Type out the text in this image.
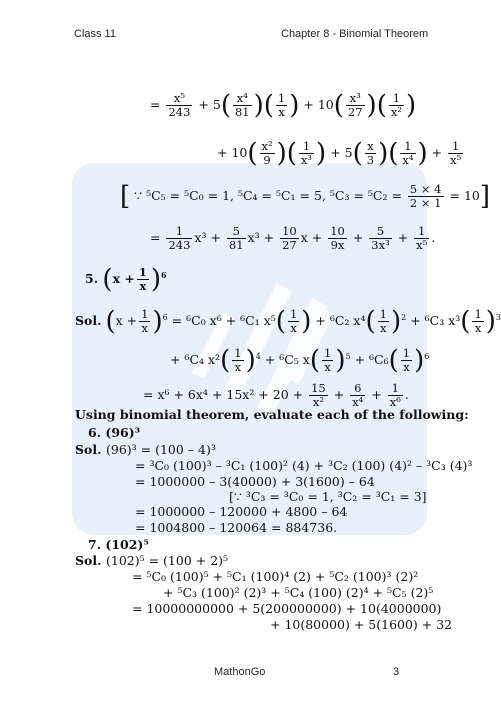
Class 11	Chapter 8 - Binomial Theorem
= $\frac{\text{x⁵}}{243} + 5( \frac{\text{x⁴}}{81}$ )( $\frac{1}{x}$ ) + $10( \frac{\text{x³}}{27}$ )( $\frac{1}{\text{x²}}$ )
+ $10( \frac{\text{x²}}{9}$ )( $\frac{1}{\text{x³}}$ ) + $5( \frac{x}{3}$ )( $\frac{1}{\text{x⁴}}$ ) + $\frac{1}{\text{x⁵}}$
[ ∵ ⁵C₅ = ⁵C₀ = 1, ⁵C₄ = ⁵C₁ = 5, $^5C_3 = ^5C_2 = \frac{5 \times 4}{2 \times 1} = 10$]
= $\frac{1}{243} x^3 + \frac{5}{81} x^3 + \frac{10}{27}$ $x + \frac{10}{9x} + \frac{5}{\text{3x³}} + \frac{1}{\text{x⁵}}$ .
5. $(x + \frac{1}{x} )^6$
Sol. $(x + \frac{1}{x} )^6 = ^6C_0$ x⁶ + ⁶C₁ $x^5( \frac{1}{x}$ ) + ⁶C₂ $x^4( \frac{1}{x} )^2 + ^6C_3$ $x^3( \frac{1}{x} )^3$
+ ⁶C₄ $x^2( \frac{1}{x} )^4 + ^6C_5$ $x( \frac{1}{x} )^5 + ^6C_6( \frac{1}{x} )^6$
= $x^6 + 6x^4 + 15x^2 + 20 + \frac{15}{\text{x²}} + \frac{6}{\text{x⁴}} + \frac{1}{\text{x⁶}}$ .
Using binomial theorem, evaluate each of the following:
6. (96)³
Sol. (96)³ = (100 – 4)³
= ³C₀ (100)³ – ³C₁ (100)² (4) + ³C₂ (100) (4)² – ³C₃ (4)³
= 1000000 – 3(40000) + 3(1600) – 64
[∵ ³C₃ = ³C₀ = 1, ³C₂ = ³C₁ = 3]
= 1000000 – 120000 + 4800 – 64
= 1004800 – 120064 = 884736.
7. (102)⁵
Sol. (102)⁵ = (100 + 2)⁵
= ⁵C₀ (100)⁵ + ⁵C₁ (100)⁴ (2) + ⁵C₂ (100)³ (2)²
+ ⁵C₃ (100)² (2)³ + ⁵C₄ (100) (2)⁴ + ⁵C₅ (2)⁵
= 10000000000 + 5(200000000) + 10(4000000)
+ 10(80000) + 5(1600) + 32
MathonGo	3
